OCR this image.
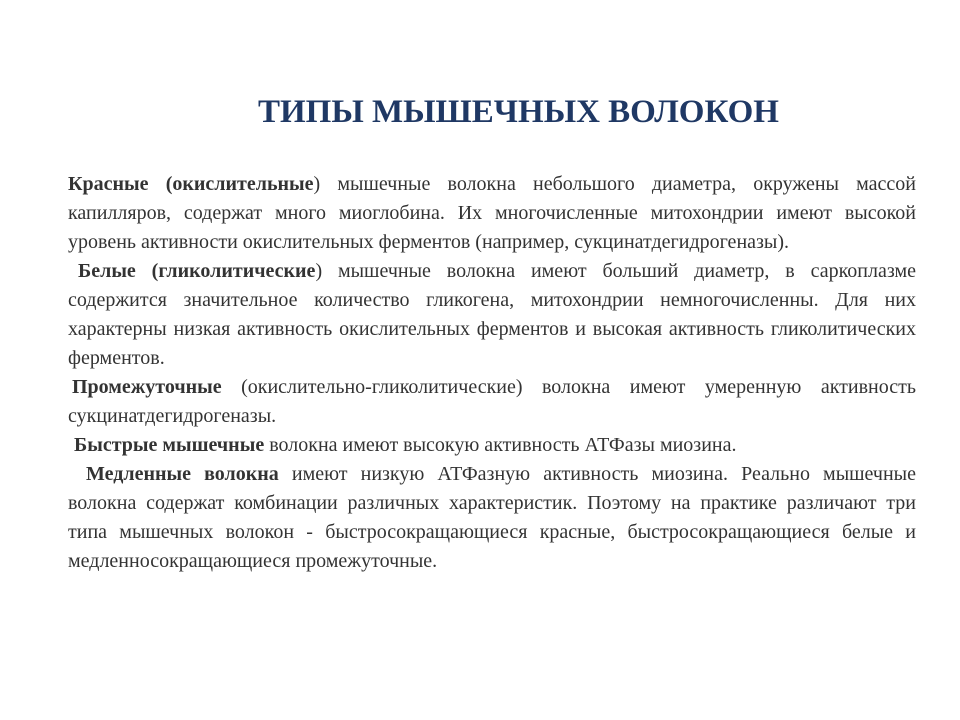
ТИПЫ МЫШЕЧНЫХ ВОЛОКОН

Красные (окислительные) мышечные волокна небольшого диаметра, окружены массой капилляров, содержат много миоглобина. Их многочисленные митохондрии имеют высокой уровень активности окислительных ферментов (например, сукцинатдегидрогеназы).

Белые (гликолитические) мышечные волокна имеют больший диаметр, в саркоплазме содержится значительное количество гликогена, митохондрии немногочисленны. Для них характерны низкая активность окислительных ферментов и высокая активность гликолитических ферментов.

Промежуточные (окислительно-гликолитические) волокна имеют умеренную активность сукцинатдегидрогеназы.

Быстрые мышечные волокна имеют высокую активность АТФазы миозина.

Медленные волокна имеют низкую АТФазную активность миозина. Реально мышечные волокна содержат комбинации различных характеристик. Поэтому на практике различают три типа мышечных волокон - быстросокращающиеся красные, быстросокращающиеся белые и медленносокращающиеся промежуточные.
